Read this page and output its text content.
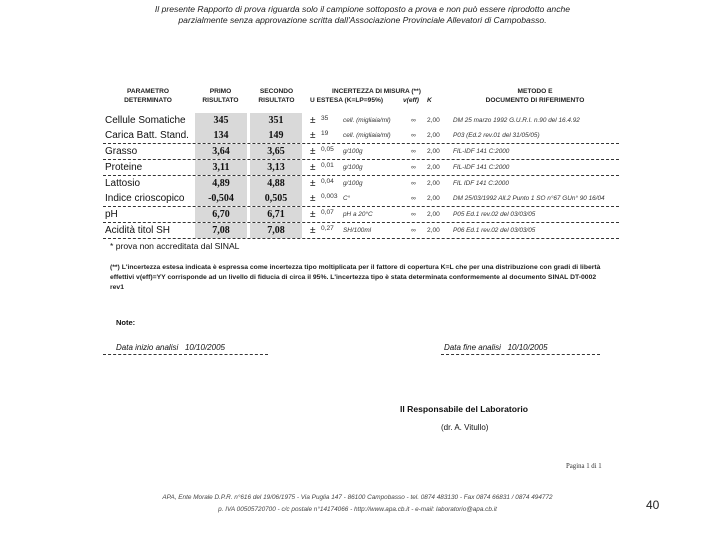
Il presente Rapporto di prova riguarda solo il campione sottoposto a prova e non può essere riprodotto anche
parzialmente senza approvazione scritta dall'Associazione Provinciale Allevatori di Campobasso.
PARAMETRO
DETERMINATO
PRIMO
RISULTATO
SECONDO
RISULTATO
INCERTEZZA DI MISURA (**)
U ESTESA (K=LP=95%)	v(eff) K
METODO E
DOCUMENTO DI RIFERIMENTO
Cellule Somatiche	345	351	± 35 cell. (migliaia/ml)	∞ 2,00 DM 25 marzo 1992 G.U.R.I. n.90 del 16.4.92
Carica Batt. Stand.	134	149	± 19 cell. (migliaia/ml)	∞ 2,00 P03 (Ed.2 rev.01 del 31/05/05)
Grasso	3,64	3,65	± 0,05 g/100g	∞ 2,00 FIL-IDF 141 C:2000
Proteine	3,11	3,13	± 0,01 g/100g	∞ 2,00 FIL-IDF 141 C:2000
Lattosio	4,89	4,88	± 0,04 g/100g	∞ 2,00 FIL IDF 141 C:2000
Indice crioscopico	-0,504	0,505	± 0,003 C°	∞ 2,00 DM 25/03/1992 All.2 Punto 1 SO n°67 GUn° 90 16/04
pH	6,70	6,71	± 0,07 pH a 20°C	∞ 2,00 P05 Ed.1 rev.02 del 03/03/05
Acidità titol SH	7,08	7,08	± 0,27 SH/100ml	∞ 2,00 P06 Ed.1 rev.02 del 03/03/05
* prova non accreditata dal SINAL
(**) L'incertezza estesa indicata è espressa come incertezza tipo moltiplicata per il fattore di copertura K=L che per una distribuzione con gradi di libertà effettivi v(eff)=YY corrisponde ad un livello di fiducia di circa il 95%. L'incertezza tipo è stata determinata conformemente al documento SINAL DT-0002 rev1
Note:
Data inizio analisi 10/10/2005	Data fine analisi 10/10/2005
Il Responsabile del Laboratorio
(dr. A. Vitullo)
Pagina 1 di 1
APA, Ente Morale D.P.R. n°616 del 19/06/1975 - Via Puglia 147 - 86100 Campobasso - tel. 0874 483130 - Fax 0874 66831 / 0874 494772
p. IVA 00505720700 - c/c postale n°14174066 - http://www.apa.cb.it - e-mail: laboratorio@apa.cb.it	40
